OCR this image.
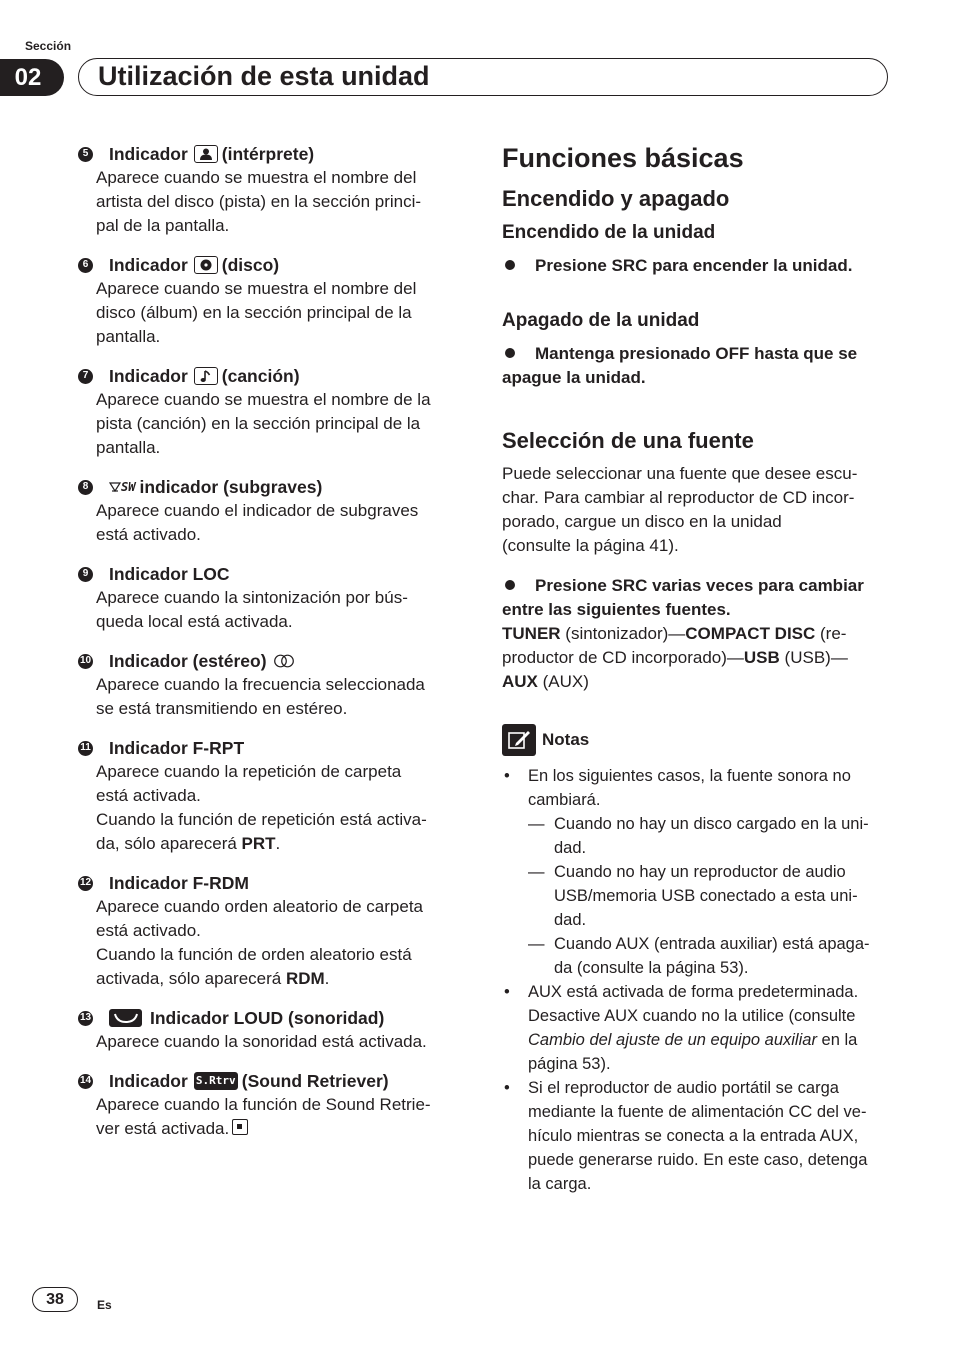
Sección
02	Utilización de esta unidad
5 Indicador (intérprete)
Aparece cuando se muestra el nombre del
artista del disco (pista) en la sección princi-
pal de la pantalla.
6 Indicador (disco)
Aparece cuando se muestra el nombre del
disco (álbum) en la sección principal de la
pantalla.
7 Indicador (canción)
Aparece cuando se muestra el nombre de la
pista (canción) en la sección principal de la
pantalla.
8	SW indicador (subgraves)
Aparece cuando el indicador de subgraves
está activado.
9 Indicador LOC
Aparece cuando la sintonización por bús-
queda local está activada.
10 Indicador (estéreo)
Aparece cuando la frecuencia seleccionada
se está transmitiendo en estéreo.
11 Indicador F-RPT
Aparece cuando la repetición de carpeta
está activada.
Cuando la función de repetición está activa-
da, sólo aparecerá PRT.
12 Indicador F-RDM
Aparece cuando orden aleatorio de carpeta
está activado.
Cuando la función de orden aleatorio está
activada, sólo aparecerá RDM.
13	Indicador LOUD (sonoridad)
Aparece cuando la sonoridad está activada.
14 Indicador S.Rtrv (Sound Retriever)
Aparece cuando la función de Sound Retrie-
ver está activada.
Funciones básicas
Encendido y apagado
Encendido de la unidad
Presione SRC para encender la unidad.
Apagado de la unidad
Mantenga presionado OFF hasta que se
apague la unidad.
Selección de una fuente
Puede seleccionar una fuente que desee escu-
char. Para cambiar al reproductor de CD incor-
porado, cargue un disco en la unidad
(consulte la página 41).
Presione SRC varias veces para cambiar
entre las siguientes fuentes.
TUNER (sintonizador)—COMPACT DISC (re-
productor de CD incorporado)—USB (USB)—
AUX (AUX)
Notas
• En los siguientes casos, la fuente sonora no
cambiará.
— Cuando no hay un disco cargado en la uni-
dad.
— Cuando no hay un reproductor de audio
USB/memoria USB conectado a esta uni-
dad.
— Cuando AUX (entrada auxiliar) está apaga-
da (consulte la página 53).
• AUX está activada de forma predeterminada.
Desactive AUX cuando no la utilice (consulte
Cambio del ajuste de un equipo auxiliar en la
página 53).
• Si el reproductor de audio portátil se carga
mediante la fuente de alimentación CC del ve-
hículo mientras se conecta a la entrada AUX,
puede generarse ruido. En este caso, detenga
la carga.
38	Es
